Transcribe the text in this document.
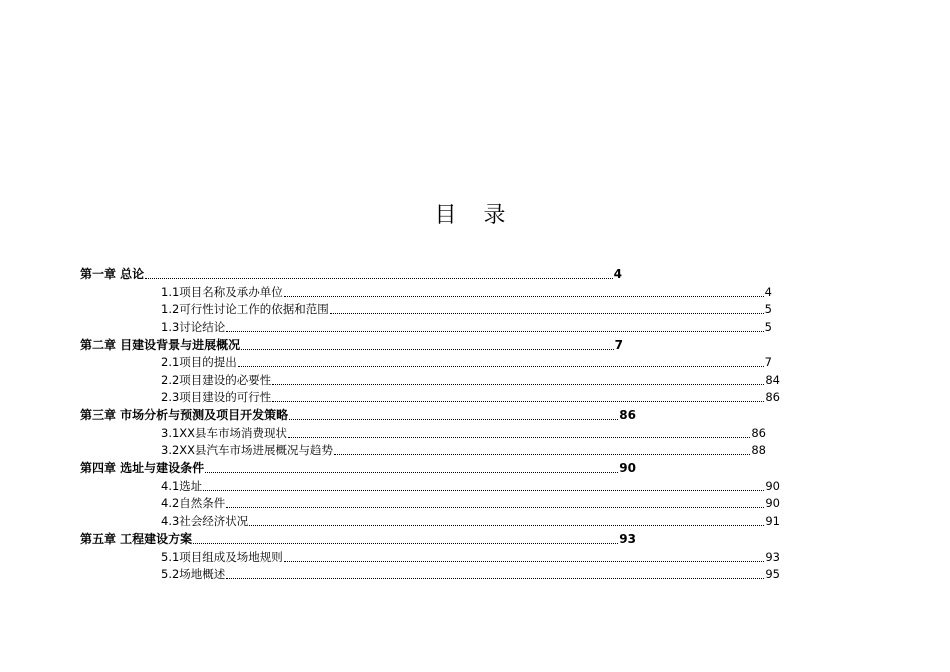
目 录
第一章 总论	4
1.1项目名称及承办单位	4
1.2可行性讨论工作的依据和范围	5
1.3讨论结论	5
第二章 目建设背景与进展概况	7
2.1项目的提出	7
2.2项目建设的必要性	84
2.3项目建设的可行性	86
第三章 市场分析与预测及项目开发策略	86
3.1XX县车市场消费现状	86
3.2XX县汽车市场进展概况与趋势	88
第四章 选址与建设条件	90
4.1选址	90
4.2自然条件	90
4.3社会经济状况	91
第五章 工程建设方案	93
5.1项目组成及场地规则	93
5.2场地概述	95
